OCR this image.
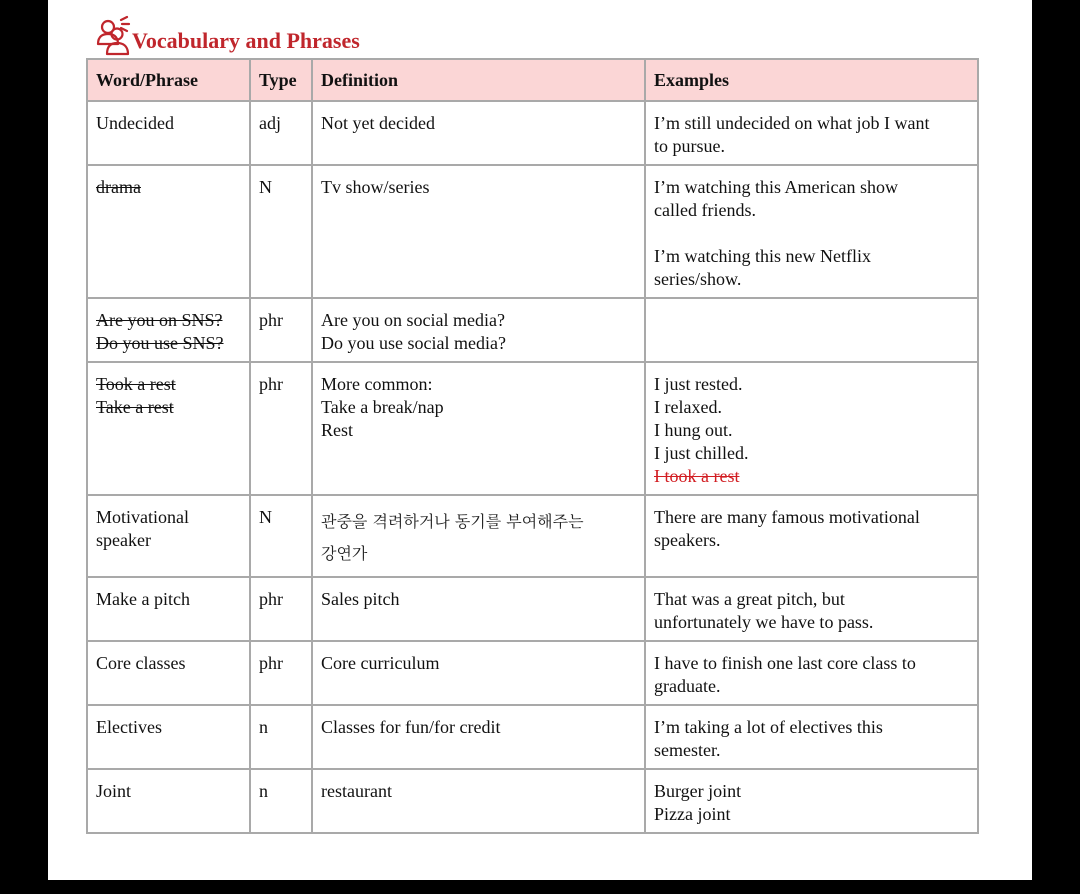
Vocabulary and Phrases
Word/Phrase	Type	Definition	Examples

Undecided	adj	Not yet decided	I’m still undecided on what job I want
to pursue.

drama	N	Tv show/series	I’m watching this American show
called friends.
I’m watching this new Netflix
series/show.

Are you on SNS?
Do you use SNS?	phr	Are you on social media?
Do you use social media?	

Took a rest
Take a rest	phr	More common:
Take a break/nap
Rest	I just rested.
I relaxed.
I hung out.
I just chilled.
I took a rest

Motivational
speaker	N	관중을 격려하거나 동기를 부여해주는
강연가	There are many famous motivational
speakers.

Make a pitch	phr	Sales pitch	That was a great pitch, but
unfortunately we have to pass.

Core classes	phr	Core curriculum	I have to finish one last core class to
graduate.

Electives	n	Classes for fun/for credit	I’m taking a lot of electives this
semester.

Joint	n	restaurant	Burger joint
Pizza joint
